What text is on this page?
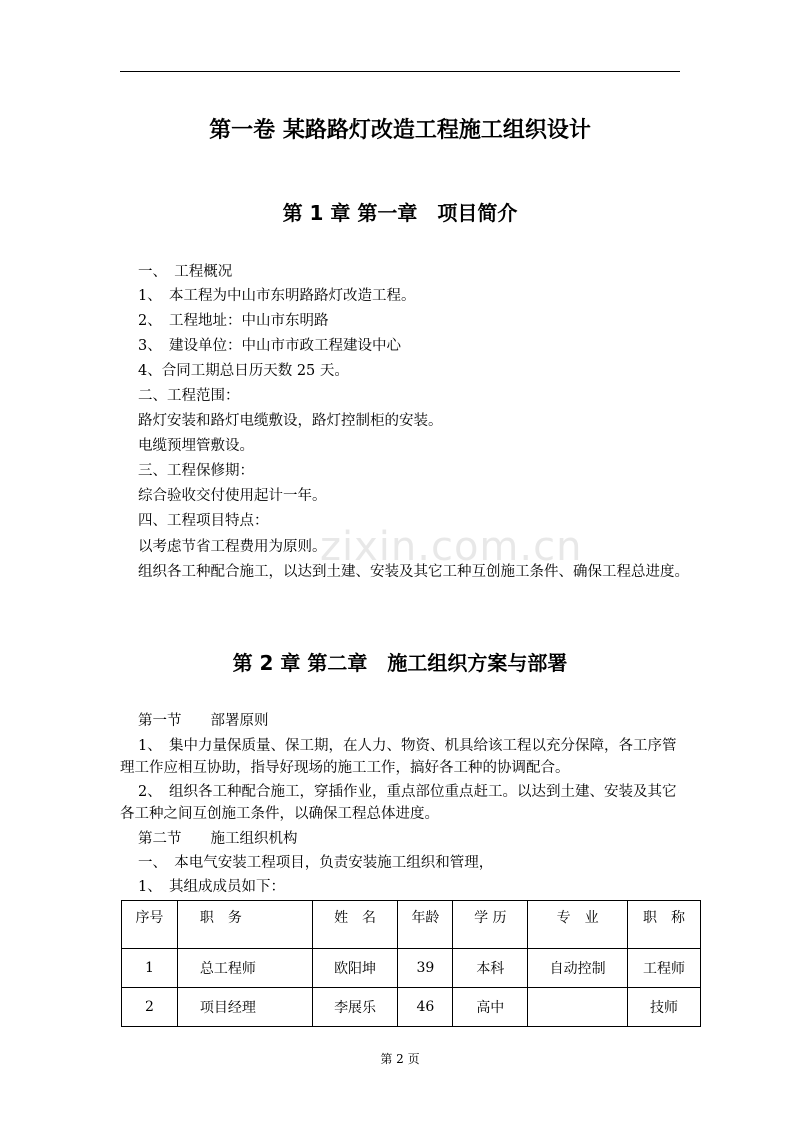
第一卷 某路路灯改造工程施工组织设计
第 1 章 第一章　项目简介
一、　工程概况
1、　本工程为中山市东明路路灯改造工程。
2、　工程地址：中山市东明路
3、　建设单位：中山市市政工程建设中心
4、合同工期总日历天数 25 天。
二、工程范围：
路灯安装和路灯电缆敷设，路灯控制柜的安装。
电缆预埋管敷设。
三、工程保修期：
综合验收交付使用起计一年。
四、工程项目特点：
以考虑节省工程费用为原则。
组织各工种配合施工，以达到土建、安装及其它工种互创施工条件、确保工程总进度。
zixin.com.cn
第 2 章 第二章　施工组织方案与部署
第一节　　部署原则
1、　集中力量保质量、保工期，在人力、物资、机具给该工程以充分保障，各工序管理工作应相互协助，指导好现场的施工工作，搞好各工种的协调配合。
2、　组织各工种配合施工，穿插作业，重点部位重点赶工。以达到土建、安装及其它各工种之间互创施工条件，以确保工程总体进度。
第二节　　施工组织机构
一、　本电气安装工程项目，负责安装施工组织和管理，
1、　其组成成员如下：
序号	职　务	姓　名	年龄	学 历	专　业	职　称
1	总工程师	欧阳坤	39	本科	自动控制	工程师
2	项目经理	李展乐	46	高中		技师
第 2 页
